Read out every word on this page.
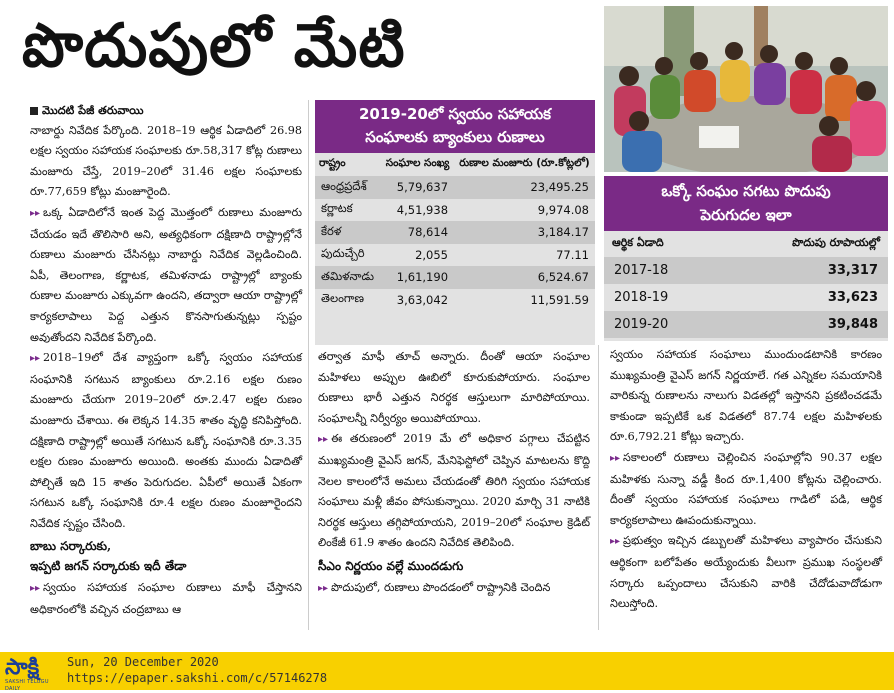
పొదుపులో మేటి

మొదటి పేజీ తరువాయి

నాబార్డు నివేదిక పేర్కొంది. 2018–19 ఆర్థిక ఏడాదిలో 26.98 లక్షల స్వయం సహాయక సంఘాలకు రూ.58,317 కోట్ల రుణాలు మంజూరు చేస్తే, 2019–20లో 31.46 లక్షల సంఘాలకు రూ.77,659 కోట్లు మంజూరైంది.

▸▸ ఒక్క ఏడాదిలోనే ఇంత పెద్ద మొత్తంలో రుణాలు మంజూరు చేయడం ఇదే తొలిసారి అని, అత్యధికంగా దక్షిణాది రాష్ట్రాల్లోనే రుణాలు మంజూరు చేసినట్లు నాబార్డు నివేదిక వెల్లడించింది. ఏపీ, తెలంగాణ, కర్ణాటక, తమిళనాడు రాష్ట్రాల్లో బ్యాంకు రుణాల మంజూరు ఎక్కువగా ఉందని, తద్వారా ఆయా రాష్ట్రాల్లో కార్యకలాపాలు పెద్ద ఎత్తున కొనసాగుతున్నట్లు స్పష్టం అవుతోందని నివేదిక పేర్కొంది.

▸▸ 2018–19లో దేశ వ్యాప్తంగా ఒక్కో స్వయం సహాయక సంఘానికి సగటున బ్యాంకులు రూ.2.16 లక్షల రుణం మంజూరు చేయగా 2019–20లో రూ.2.47 లక్షల రుణం మంజూరు చేశాయి. ఈ లెక్కన 14.35 శాతం వృద్ధి కనిపిస్తోంది. దక్షిణాది రాష్ట్రాల్లో అయితే సగటున ఒక్కో సంఘానికి రూ.3.35 లక్షల రుణం మంజూరు అయింది. అంతకు ముందు ఏడాదితో పోల్చితే ఇది 15 శాతం పెరుగుదల. ఏపీలో అయితే ఏకంగా సగటున ఒక్కో సంఘానికి రూ.4 లక్షల రుణం మంజూరైందని నివేదిక స్పష్టం చేసింది.

బాబు సర్కారుకు,
ఇప్పటి జగన్ సర్కారుకు ఇదీ తేడా

▸▸ స్వయం సహాయక సంఘాల రుణాలు మాఫీ చేస్తానని అధికారంలోకి వచ్చిన చంద్రబాబు ఆ

2019-20లో స్వయం సహాయక
సంఘాలకు బ్యాంకులు రుణాలు
రాష్ట్రం	సంఘాల సంఖ్య	రుణాల మంజూరు (రూ.కోట్లలో)
ఆంధ్రప్రదేశ్	5,79,637	23,495.25
కర్ణాటక	4,51,938	9,974.08
కేరళ	78,614	3,184.17
పుదుచ్చేరి	2,055	77.11
తమిళనాడు	1,61,190	6,524.67
తెలంగాణ	3,63,042	11,591.59

తర్వాత మాఫీ తూచ్ అన్నారు. దీంతో ఆయా సంఘాల మహిళలు అప్పుల ఊబిలో కూరుకుపోయారు. సంఘాల రుణాలు భారీ ఎత్తున నిరర్థక ఆస్తులుగా మారిపోయాయి. సంఘాలన్నీ నిర్వీర్యం అయిపోయాయి.

▸▸ ఈ తరుణంలో 2019 మే లో అధికార పగ్గాలు చేపట్టిన ముఖ్యమంత్రి వైఎస్ జగన్, మేనిఫెస్టోలో చెప్పిన మాటలను కొద్ది నెలల కాలంలోనే అమలు చేయడంతో తిరిగి స్వయం సహాయక సంఘాలు మళ్లీ జీవం పోసుకున్నాయి. 2020 మార్చి 31 నాటికి నిరర్థక ఆస్తులు తగ్గిపోయాయని, 2019–20లో సంఘాల క్రెడిట్ లింకేజీ 61.9 శాతం ఉందని నివేదిక తెలిపింది.

సీఎం నిర్ణయం వల్లే ముందడుగు

▸▸ పొదుపులో, రుణాలు పొందడంలో రాష్ట్రానికి చెందిన

ఒక్కో సంఘం సగటు పొదుపు
పెరుగుదల ఇలా
ఆర్థిక ఏడాది	పొదుపు రూపాయల్లో
2017-18	33,317
2018-19	33,623
2019-20	39,848

స్వయం సహాయక సంఘాలు ముందుండటానికి కారణం ముఖ్యమంత్రి వైఎస్ జగన్ నిర్ణయాలే. గత ఎన్నికల సమయానికి వారికున్న రుణాలను నాలుగు విడతల్లో ఇస్తానని ప్రకటించడమే కాకుండా ఇప్పటికే ఒక విడతలో 87.74 లక్షల మహిళలకు రూ.6,792.21 కోట్లు ఇచ్చారు.

▸▸ సకాలంలో రుణాలు చెల్లించిన సంఘాల్లోని 90.37 లక్షల మహిళకు సున్నా వడ్డీ కింద రూ.1,400 కోట్లను చెల్లించారు. దీంతో స్వయం సహాయక సంఘాలు గాడిలో పడి, ఆర్థిక కార్యకలాపాలు ఊపందుకున్నాయి.

▸▸ ప్రభుత్వం ఇచ్చిన డబ్బులతో మహిళలు వ్యాపారం చేసుకుని ఆర్థికంగా బలోపేతం అయ్యేందుకు వీలుగా ప్రముఖ సంస్థలతో సర్కారు ఒప్పందాలు చేసుకుని వారికి చేదోడువాదోడుగా నిలుస్తోంది.

సాక్షి
SAKSHI TELUGU DAILY
Sun, 20 December 2020
https://epaper.sakshi.com/c/57146278
